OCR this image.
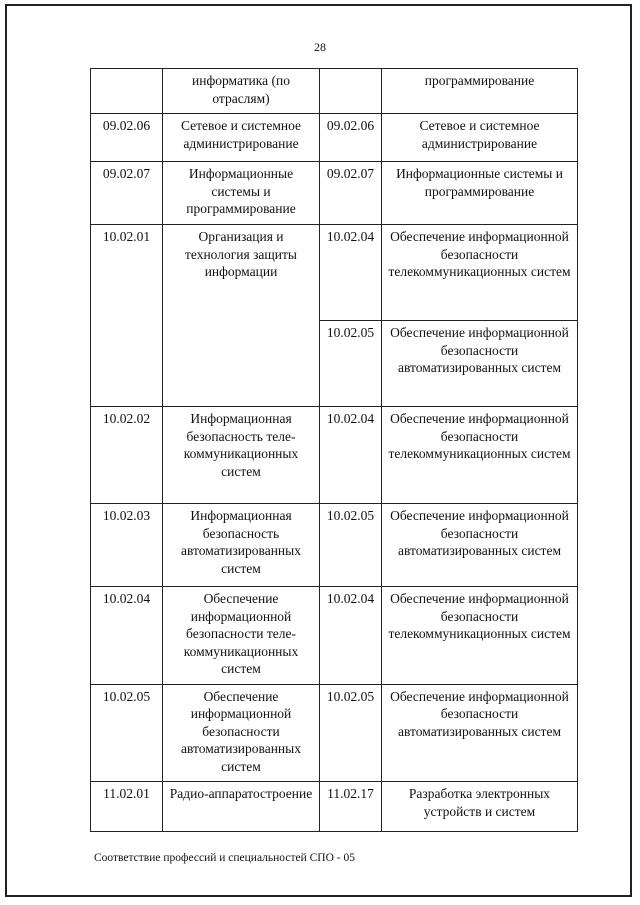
28
	информатика (по отраслям)		программирование
09.02.06	Сетевое и системное администрирование	09.02.06	Сетевое и системное администрирование
09.02.07	Информационные системы и программирование	09.02.07	Информационные системы и программирование
10.02.01	Организация и технология защиты информации	10.02.04	Обеспечение информационной безопасности телекоммуникационных систем
		10.02.05	Обеспечение информационной безопасности автоматизированных систем
10.02.02	Информационная безопасность теле-коммуникационных систем	10.02.04	Обеспечение информационной безопасности телекоммуникационных систем
10.02.03	Информационная безопасность автоматизированных систем	10.02.05	Обеспечение информационной безопасности автоматизированных систем
10.02.04	Обеспечение информационной безопасности теле-коммуникационных систем	10.02.04	Обеспечение информационной безопасности телекоммуникационных систем
10.02.05	Обеспечение информационной безопасности автоматизированных систем	10.02.05	Обеспечение информационной безопасности автоматизированных систем
11.02.01	Радио-аппаратостроение	11.02.17	Разработка электронных устройств и систем
Соответствие профессий и специальностей СПО - 05
